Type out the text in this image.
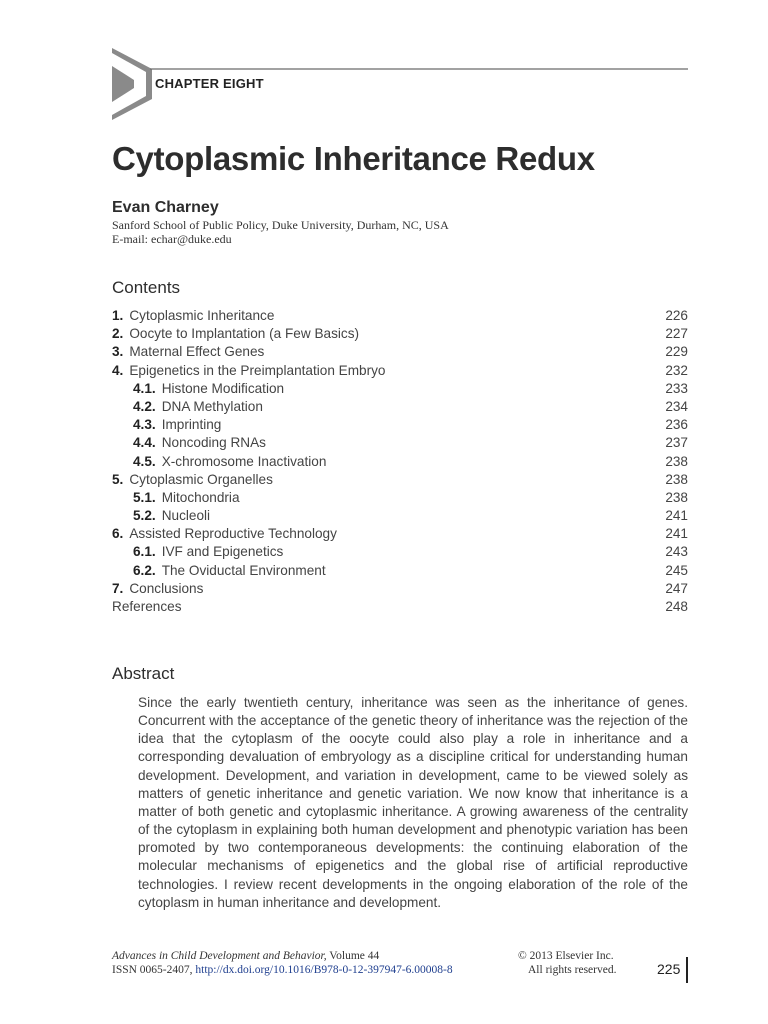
CHAPTER EIGHT
Cytoplasmic Inheritance Redux
Evan Charney
Sanford School of Public Policy, Duke University, Durham, NC, USA
E-mail: echar@duke.edu
Contents
1. Cytoplasmic Inheritance	226
2. Oocyte to Implantation (a Few Basics)	227
3. Maternal Effect Genes	229
4. Epigenetics in the Preimplantation Embryo	232
4.1. Histone Modification	233
4.2. DNA Methylation	234
4.3. Imprinting	236
4.4. Noncoding RNAs	237
4.5. X-chromosome Inactivation	238
5. Cytoplasmic Organelles	238
5.1. Mitochondria	238
5.2. Nucleoli	241
6. Assisted Reproductive Technology	241
6.1. IVF and Epigenetics	243
6.2. The Oviductal Environment	245
7. Conclusions	247
References	248
Abstract

Since the early twentieth century, inheritance was seen as the inheritance of genes. Concurrent with the acceptance of the genetic theory of inheritance was the rejection of the idea that the cytoplasm of the oocyte could also play a role in inheritance and a corresponding devaluation of embryology as a discipline critical for understanding human development. Development, and variation in development, came to be viewed solely as matters of genetic inheritance and genetic variation. We now know that inheritance is a matter of both genetic and cytoplasmic inheritance. A growing awareness of the centrality of the cytoplasm in explaining both human development and phenotypic variation has been promoted by two contemporaneous developments: the continuing elaboration of the molecular mechanisms of epigenetics and the global rise of artificial reproductive technologies. I review recent developments in the ongoing elaboration of the role of the cytoplasm in human inheritance and development.

Advances in Child Development and Behavior, Volume 44
ISSN 0065-2407, http://dx.doi.org/10.1016/B978-0-12-397947-6.00008-8
© 2013 Elsevier Inc.
All rights reserved.	225
